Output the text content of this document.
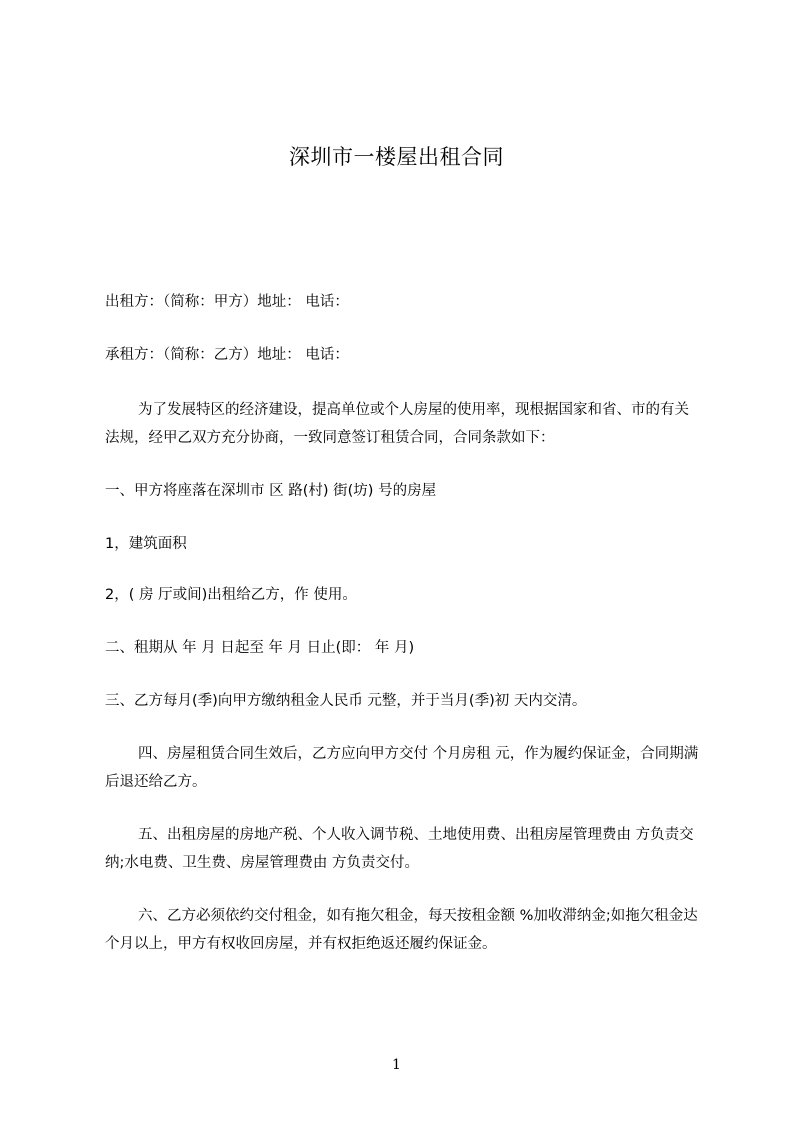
深圳市一楼屋出租合同
出租方：（简称：甲方）地址： 电话：
承租方：（简称：乙方）地址： 电话：
为了发展特区的经济建设，提高单位或个人房屋的使用率，现根据国家和省、市的有关法规，经甲乙双方充分协商，一致同意签订租赁合同，合同条款如下：
一、甲方将座落在深圳市 区 路(村) 街(坊) 号的房屋
1，建筑面积
2，( 房 厅或间)出租给乙方，作 使用。
二、租期从 年 月 日起至 年 月 日止(即： 年 月)
三、乙方每月(季)向甲方缴纳租金人民币 元整，并于当月(季)初 天内交清。
四、房屋租赁合同生效后，乙方应向甲方交付 个月房租 元，作为履约保证金，合同期满后退还给乙方。
五、出租房屋的房地产税、个人收入调节税、土地使用费、出租房屋管理费由 方负责交纳;水电费、卫生费、房屋管理费由 方负责交付。
六、乙方必须依约交付租金，如有拖欠租金，每天按租金额 %加收滞纳金;如拖欠租金达 个月以上，甲方有权收回房屋，并有权拒绝返还履约保证金。
1
